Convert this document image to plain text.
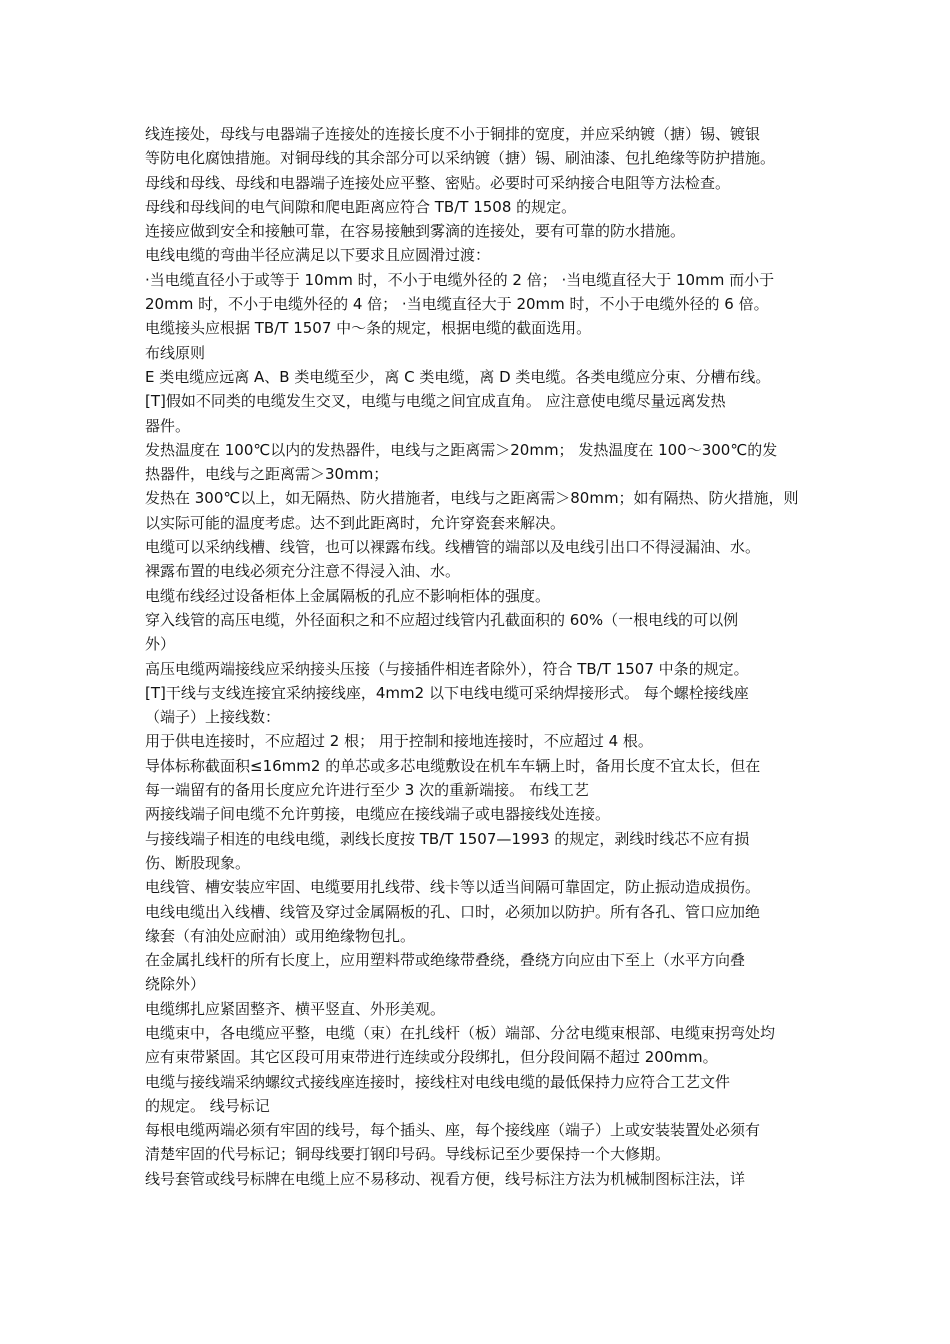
线连接处，母线与电器端子连接处的连接长度不小于铜排的宽度，并应采纳镀（搪）锡、镀银
等防电化腐蚀措施。对铜母线的其余部分可以采纳镀（搪）锡、刷油漆、包扎绝缘等防护措施。
母线和母线、母线和电器端子连接处应平整、密贴。必要时可采纳接合电阻等方法检查。
母线和母线间的电气间隙和爬电距离应符合 TB/T 1508 的规定。
连接应做到安全和接触可靠，在容易接触到雾滴的连接处，要有可靠的防水措施。
电线电缆的弯曲半径应满足以下要求且应圆滑过渡：
·当电缆直径小于或等于 10mm 时，不小于电缆外径的 2 倍； ·当电缆直径大于 10mm 而小于
20mm 时，不小于电缆外径的 4 倍； ·当电缆直径大于 20mm 时，不小于电缆外径的 6 倍。
电缆接头应根据 TB/T 1507 中～条的规定，根据电缆的截面选用。
布线原则
E 类电缆应远离 A、B 类电缆至少，离 C 类电缆，离 D 类电缆。各类电缆应分束、分槽布线。
[T]假如不同类的电缆发生交叉，电缆与电缆之间宜成直角。 应注意使电缆尽量远离发热
器件。
发热温度在 100℃以内的发热器件，电线与之距离需＞20mm； 发热温度在 100～300℃的发
热器件，电线与之距离需＞30mm；
发热在 300℃以上，如无隔热、防火措施者，电线与之距离需＞80mm；如有隔热、防火措施，则
以实际可能的温度考虑。达不到此距离时，允许穿瓷套来解决。
电缆可以采纳线槽、线管，也可以裸露布线。线槽管的端部以及电线引出口不得浸漏油、水。
裸露布置的电线必须充分注意不得浸入油、水。
电缆布线经过设备柜体上金属隔板的孔应不影响柜体的强度。
穿入线管的高压电缆，外径面积之和不应超过线管内孔截面积的 60%（一根电线的可以例
外）
高压电缆两端接线应采纳接头压接（与接插件相连者除外），符合 TB/T 1507 中条的规定。
[T]干线与支线连接宜采纳接线座，4mm2 以下电线电缆可采纳焊接形式。 每个螺栓接线座
（端子）上接线数：
用于供电连接时，不应超过 2 根； 用于控制和接地连接时，不应超过 4 根。
导体标称截面积≤16mm2 的单芯或多芯电缆敷设在机车车辆上时，备用长度不宜太长，但在
每一端留有的备用长度应允许进行至少 3 次的重新端接。 布线工艺
两接线端子间电缆不允许剪接，电缆应在接线端子或电器接线处连接。
与接线端子相连的电线电缆，剥线长度按 TB/T 1507—1993 的规定，剥线时线芯不应有损
伤、断股现象。
电线管、槽安装应牢固、电缆要用扎线带、线卡等以适当间隔可靠固定，防止振动造成损伤。
电线电缆出入线槽、线管及穿过金属隔板的孔、口时，必须加以防护。所有各孔、管口应加绝
缘套（有油处应耐油）或用绝缘物包扎。
在金属扎线杆的所有长度上，应用塑料带或绝缘带叠绕，叠绕方向应由下至上（水平方向叠
绕除外）
电缆绑扎应紧固整齐、横平竖直、外形美观。
电缆束中，各电缆应平整，电缆（束）在扎线杆（板）端部、分岔电缆束根部、电缆束拐弯处均
应有束带紧固。其它区段可用束带进行连续或分段绑扎，但分段间隔不超过 200mm。
电缆与接线端采纳螺纹式接线座连接时，接线柱对电线电缆的最低保持力应符合工艺文件
的规定。 线号标记
每根电缆两端必须有牢固的线号，每个插头、座，每个接线座（端子）上或安装装置处必须有
清楚牢固的代号标记；铜母线要打钢印号码。导线标记至少要保持一个大修期。
线号套管或线号标牌在电缆上应不易移动、视看方便，线号标注方法为机械制图标注法，详
